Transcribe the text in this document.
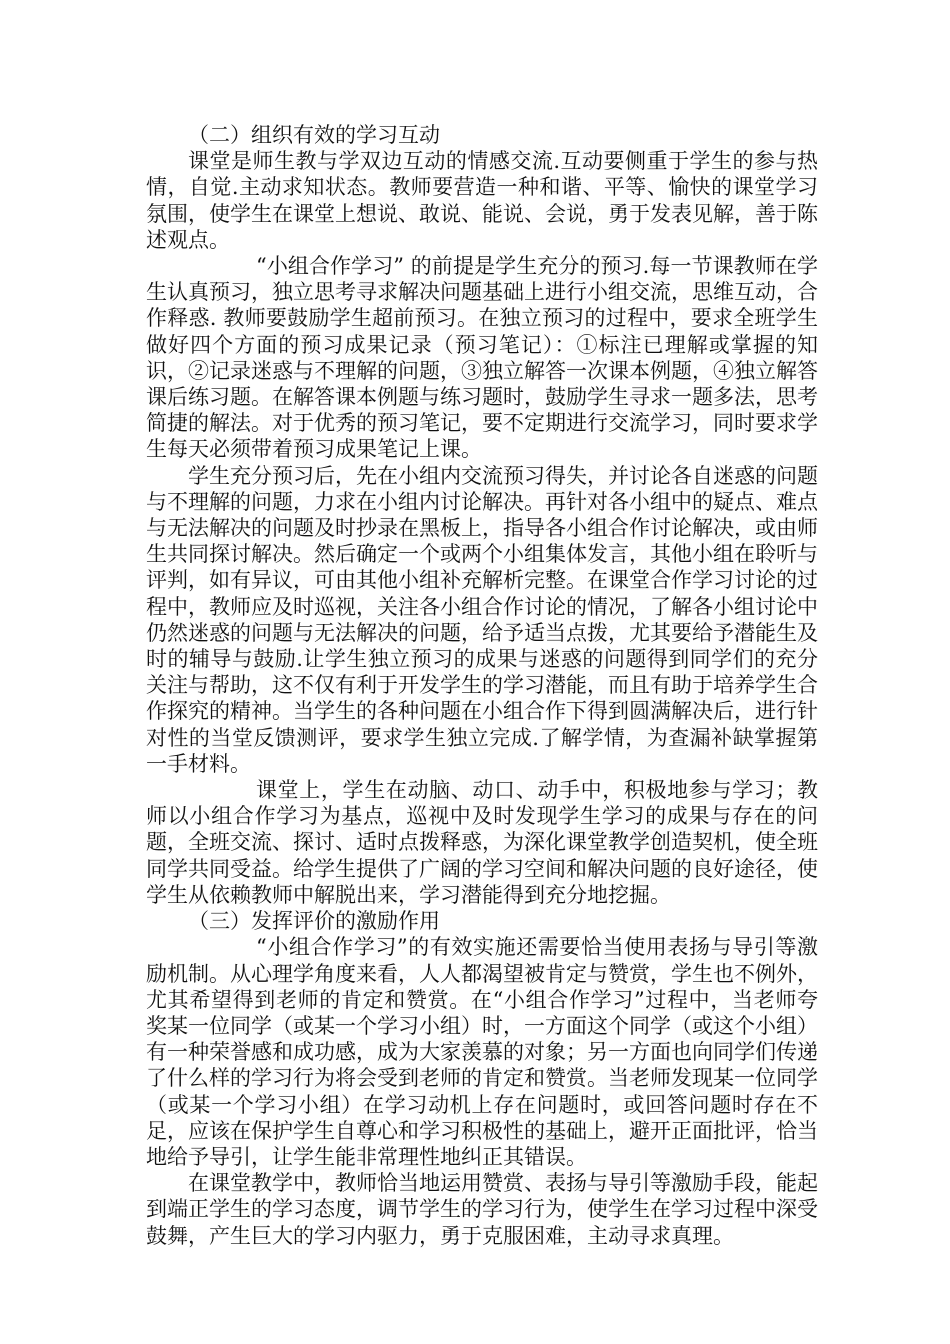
（二）组织有效的学习互动

课堂是师生教与学双边互动的情感交流.互动要侧重于学生的参与热情，自觉.主动求知状态。教师要营造一种和谐、平等、愉快的课堂学习氛围，使学生在课堂上想说、敢说、能说、会说，勇于发表见解，善于陈述观点。

“小组合作学习” 的前提是学生充分的预习.每一节课教师在学生认真预习，独立思考寻求解决问题基础上进行小组交流，思维互动，合作释惑. 教师要鼓励学生超前预习。在独立预习的过程中，要求全班学生做好四个方面的预习成果记录（预习笔记）：①标注已理解或掌握的知识，②记录迷惑与不理解的问题，③独立解答一次课本例题，④独立解答课后练习题。在解答课本例题与练习题时，鼓励学生寻求一题多法，思考简捷的解法。对于优秀的预习笔记，要不定期进行交流学习，同时要求学生每天必须带着预习成果笔记上课。

学生充分预习后，先在小组内交流预习得失，并讨论各自迷惑的问题与不理解的问题，力求在小组内讨论解决。再针对各小组中的疑点、难点与无法解决的问题及时抄录在黑板上，指导各小组合作讨论解决，或由师生共同探讨解决。然后确定一个或两个小组集体发言，其他小组在聆听与评判，如有异议，可由其他小组补充解析完整。在课堂合作学习讨论的过程中，教师应及时巡视，关注各小组合作讨论的情况，了解各小组讨论中仍然迷惑的问题与无法解决的问题，给予适当点拨，尤其要给予潜能生及时的辅导与鼓励.让学生独立预习的成果与迷惑的问题得到同学们的充分关注与帮助，这不仅有利于开发学生的学习潜能，而且有助于培养学生合作探究的精神。当学生的各种问题在小组合作下得到圆满解决后，进行针对性的当堂反馈测评，要求学生独立完成.了解学情，为查漏补缺掌握第一手材料。

课堂上，学生在动脑、动口、动手中，积极地参与学习；教师以小组合作学习为基点，巡视中及时发现学生学习的成果与存在的问题，全班交流、探讨、适时点拨释惑，为深化课堂教学创造契机，使全班同学共同受益。给学生提供了广阔的学习空间和解决问题的良好途径，使学生从依赖教师中解脱出来，学习潜能得到充分地挖掘。

（三）发挥评价的激励作用

“小组合作学习”的有效实施还需要恰当使用表扬与导引等激励机制。从心理学角度来看，人人都渴望被肯定与赞赏，学生也不例外，尤其希望得到老师的肯定和赞赏。在“小组合作学习”过程中，当老师夸奖某一位同学（或某一个学习小组）时，一方面这个同学（或这个小组）有一种荣誉感和成功感，成为大家羡慕的对象；另一方面也向同学们传递了什么样的学习行为将会受到老师的肯定和赞赏。当老师发现某一位同学（或某一个学习小组）在学习动机上存在问题时，或回答问题时存在不足，应该在保护学生自尊心和学习积极性的基础上，避开正面批评，恰当地给予导引，让学生能非常理性地纠正其错误。

在课堂教学中，教师恰当地运用赞赏、表扬与导引等激励手段，能起到端正学生的学习态度，调节学生的学习行为，使学生在学习过程中深受鼓舞，产生巨大的学习内驱力，勇于克服困难，主动寻求真理。
